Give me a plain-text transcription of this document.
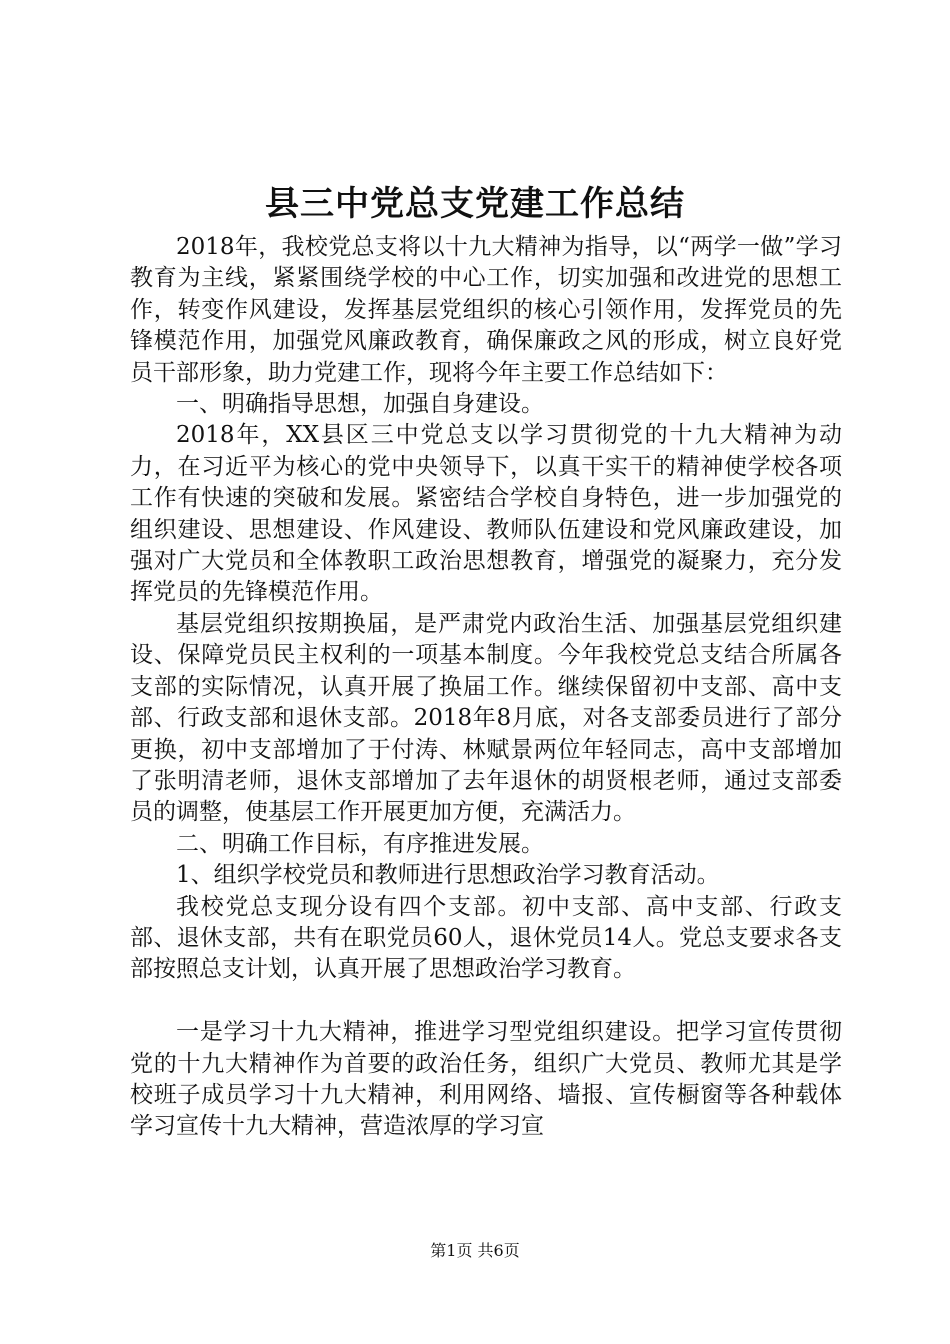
县三中党总支党建工作总结

2018年，我校党总支将以十九大精神为指导，以“两学一做”学习教育为主线，紧紧围绕学校的中心工作，切实加强和改进党的思想工作，转变作风建设，发挥基层党组织的核心引领作用，发挥党员的先锋模范作用，加强党风廉政教育，确保廉政之风的形成，树立良好党员干部形象，助力党建工作，现将今年主要工作总结如下：

一、明确指导思想，加强自身建设。

2018年，XX县区三中党总支以学习贯彻党的十九大精神为动力，在习近平为核心的党中央领导下，以真干实干的精神使学校各项工作有快速的突破和发展。紧密结合学校自身特色，进一步加强党的组织建设、思想建设、作风建设、教师队伍建设和党风廉政建设，加强对广大党员和全体教职工政治思想教育，增强党的凝聚力，充分发挥党员的先锋模范作用。

基层党组织按期换届，是严肃党内政治生活、加强基层党组织建设、保障党员民主权利的一项基本制度。今年我校党总支结合所属各支部的实际情况，认真开展了换届工作。继续保留初中支部、高中支部、行政支部和退休支部。2018年8月底，对各支部委员进行了部分更换，初中支部增加了于付涛、林赋景两位年轻同志，高中支部增加了张明清老师，退休支部增加了去年退休的胡贤根老师，通过支部委员的调整，使基层工作开展更加方便，充满活力。

二、明确工作目标，有序推进发展。

1、组织学校党员和教师进行思想政治学习教育活动。

我校党总支现分设有四个支部。初中支部、高中支部、行政支部、退休支部，共有在职党员60人，退休党员14人。党总支要求各支部按照总支计划，认真开展了思想政治学习教育。

一是学习十九大精神，推进学习型党组织建设。把学习宣传贯彻党的十九大精神作为首要的政治任务，组织广大党员、教师尤其是学校班子成员学习十九大精神，利用网络、墙报、宣传橱窗等各种载体学习宣传十九大精神，营造浓厚的学习宣

第1页 共6页
